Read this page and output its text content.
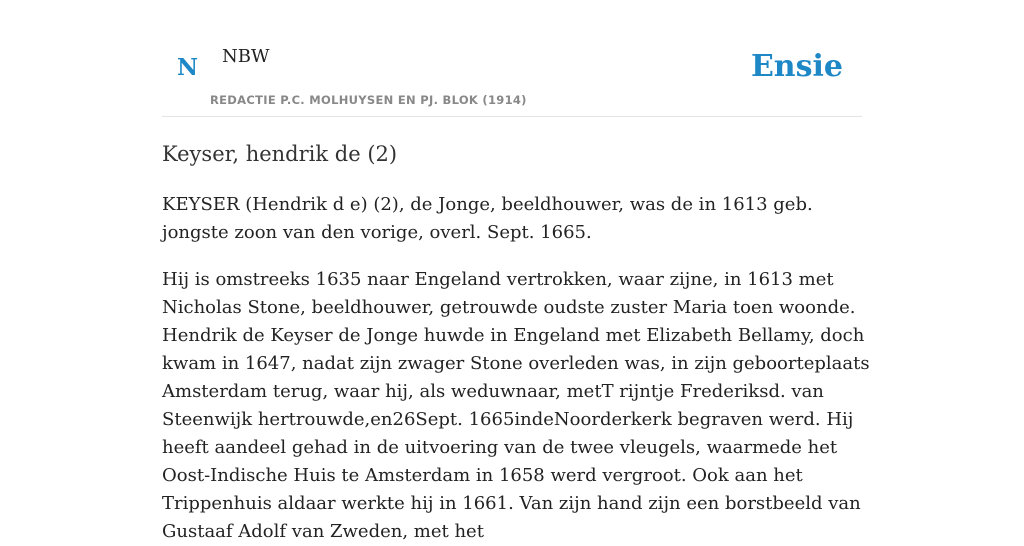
N NBW
REDACTIE P.C. MOLHUYSEN EN PJ. BLOK (1914)
Ensie
Keyser, hendrik de (2)

KEYSER (Hendrik d e) (2), de Jonge, beeldhouwer, was de in 1613 geb. jongste zoon van den vorige, overl. Sept. 1665.

Hij is omstreeks 1635 naar Engeland vertrokken, waar zijne, in 1613 met Nicholas Stone, beeldhouwer, getrouwde oudste zuster Maria toen woonde. Hendrik de Keyser de Jonge huwde in Engeland met Elizabeth Bellamy, doch kwam in 1647, nadat zijn zwager Stone overleden was, in zijn geboorteplaats Amsterdam terug, waar hij, als weduwnaar, metT rijntje Frederiksd. van Steenwijk hertrouwde,en26Sept. 1665indeNoorderkerk begraven werd. Hij heeft aandeel gehad in de uitvoering van de twee vleugels, waarmede het Oost-Indische Huis te Amsterdam in 1658 werd vergroot. Ook aan het Trippenhuis aldaar werkte hij in 1661. Van zijn hand zijn een borstbeeld van Gustaaf Adolf van Zweden, met het
